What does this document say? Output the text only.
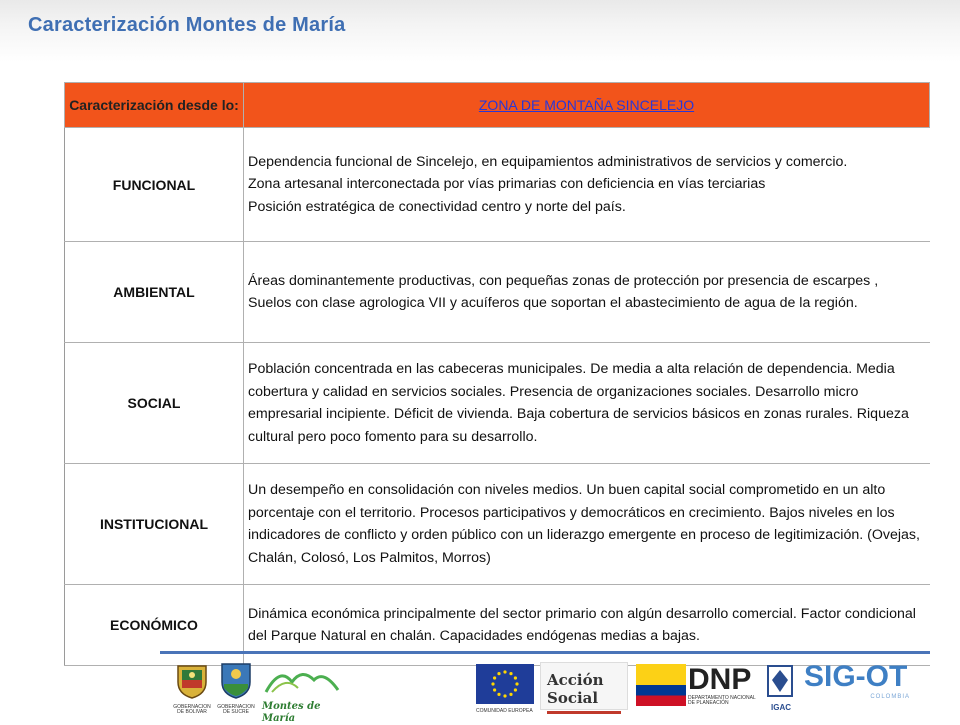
Caracterización Montes de María
Caracterización desde lo:	ZONA DE MONTAÑA SINCELEJO
FUNCIONAL	Dependencia funcional de Sincelejo, en equipamientos administrativos de servicios y comercio.
Zona artesanal interconectada por vías primarias con deficiencia en vías terciarias
Posición estratégica de conectividad centro y norte del país.
AMBIENTAL	Áreas dominantemente productivas, con pequeñas zonas de protección por presencia de escarpes ,
Suelos con clase agrologica VII y acuíferos que soportan el abastecimiento de agua de la región.
SOCIAL	Población concentrada en las cabeceras municipales. De media a alta relación de dependencia. Media cobertura y calidad en servicios sociales. Presencia de organizaciones sociales. Desarrollo micro empresarial incipiente. Déficit de vivienda. Baja cobertura de servicios básicos en zonas rurales. Riqueza cultural pero poco fomento para su desarrollo.
INSTITUCIONAL	Un desempeño en consolidación con niveles medios. Un buen capital social comprometido en un alto porcentaje con el territorio. Procesos participativos y democráticos en crecimiento. Bajos niveles en los indicadores de conflicto y orden público con un liderazgo emergente en proceso de legitimización. (Ovejas, Chalán, Colosó, Los Palmitos, Morros)
ECONÓMICO	Dinámica económica principalmente del sector primario con algún desarrollo comercial. Factor condicional del Parque Natural en chalán. Capacidades endógenas medias a bajas.
GOBERNACION DE BOLIVAR
GOBERNACION DE SUCRE	Montes de María
COMUNIDAD EUROPEA
Acción Social
DNP
DEPARTAMENTO NACIONAL DE PLANEACIÓN	IGAC
SIG-OT
COLOMBIA
